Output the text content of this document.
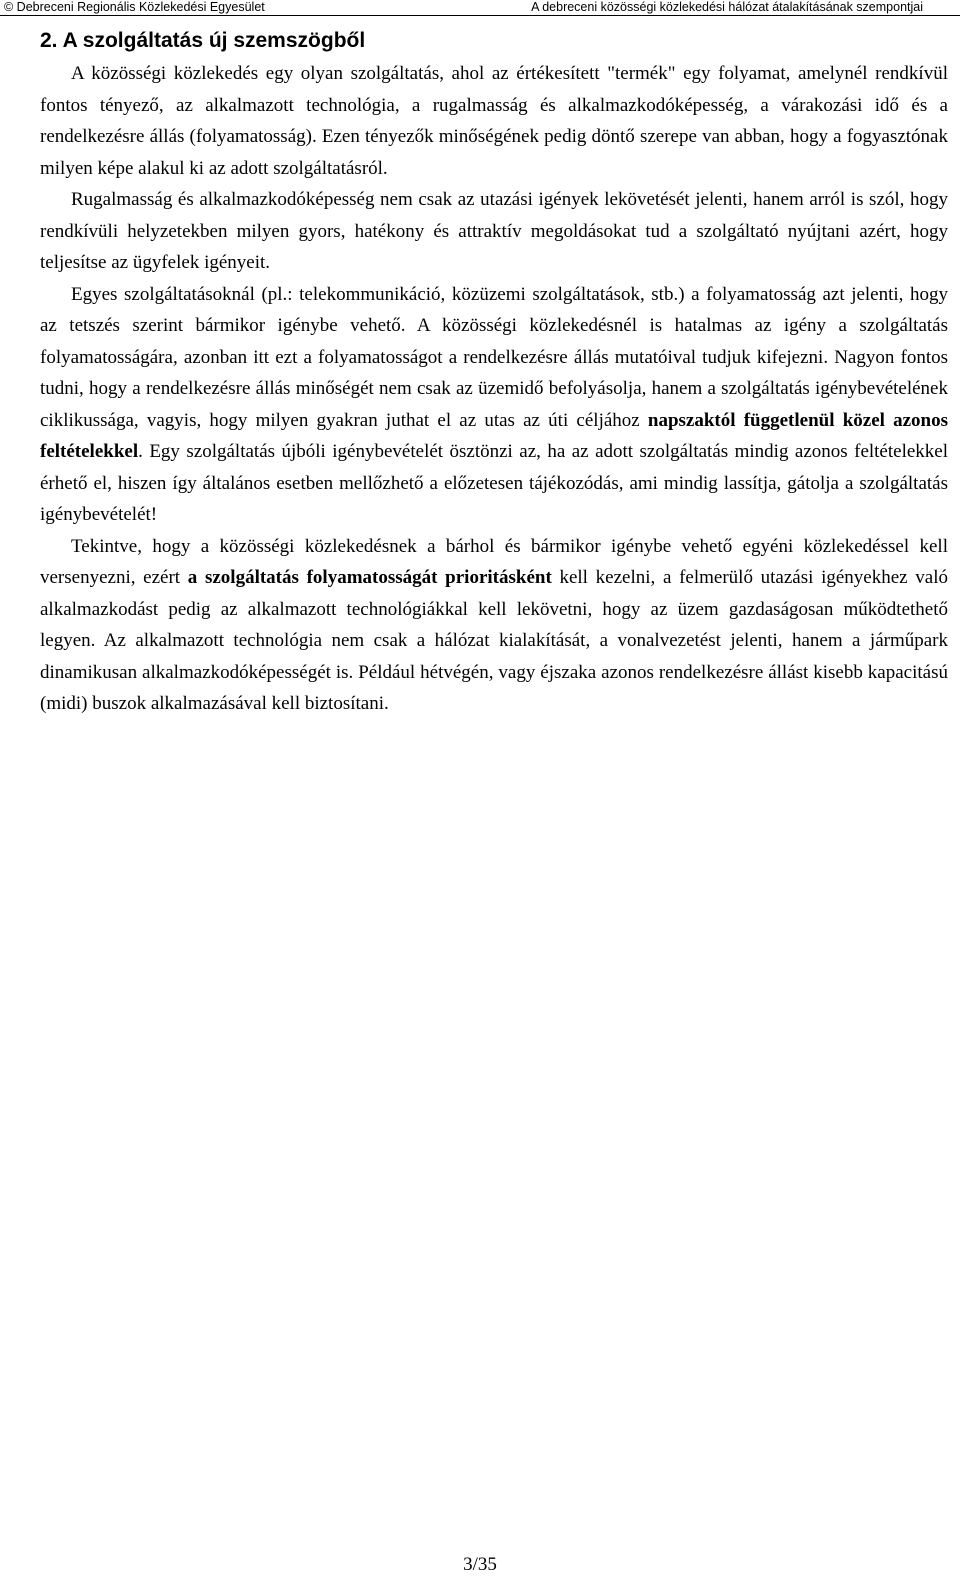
© Debreceni Regionális Közlekedési Egyesület	A debreceni közösségi közlekedési hálózat átalakításának szempontjai
2. A szolgáltatás új szemszögből

A közösségi közlekedés egy olyan szolgáltatás, ahol az értékesített "termék" egy folyamat, amelynél rendkívül fontos tényező, az alkalmazott technológia, a rugalmasság és alkalmazkodóképesség, a várakozási idő és a rendelkezésre állás (folyamatosság). Ezen tényezők minőségének pedig döntő szerepe van abban, hogy a fogyasztónak milyen képe alakul ki az adott szolgáltatásról.

Rugalmasság és alkalmazkodóképesség nem csak az utazási igények lekövetését jelenti, hanem arról is szól, hogy rendkívüli helyzetekben milyen gyors, hatékony és attraktív megoldásokat tud a szolgáltató nyújtani azért, hogy teljesítse az ügyfelek igényeit.

Egyes szolgáltatásoknál (pl.: telekommunikáció, közüzemi szolgáltatások, stb.) a folyamatosság azt jelenti, hogy az tetszés szerint bármikor igénybe vehető. A közösségi közlekedésnél is hatalmas az igény a szolgáltatás folyamatosságára, azonban itt ezt a folyamatosságot a rendelkezésre állás mutatóival tudjuk kifejezni. Nagyon fontos tudni, hogy a rendelkezésre állás minőségét nem csak az üzemidő befolyásolja, hanem a szolgáltatás igénybevételének ciklikussága, vagyis, hogy milyen gyakran juthat el az utas az úti céljához napszaktól függetlenül közel azonos feltételekkel. Egy szolgáltatás újbóli igénybevételét ösztönzi az, ha az adott szolgáltatás mindig azonos feltételekkel érhető el, hiszen így általános esetben mellőzhető a előzetesen tájékozódás, ami mindig lassítja, gátolja a szolgáltatás igénybevételét!

Tekintve, hogy a közösségi közlekedésnek a bárhol és bármikor igénybe vehető egyéni közlekedéssel kell versenyezni, ezért a szolgáltatás folyamatosságát prioritásként kell kezelni, a felmerülő utazási igényekhez való alkalmazkodást pedig az alkalmazott technológiákkal kell lekövetni, hogy az üzem gazdaságosan működtethető legyen. Az alkalmazott technológia nem csak a hálózat kialakítását, a vonalvezetést jelenti, hanem a járműpark dinamikusan alkalmazkodóképességét is. Például hétvégén, vagy éjszaka azonos rendelkezésre állást kisebb kapacitású (midi) buszok alkalmazásával kell biztosítani.

3/35
